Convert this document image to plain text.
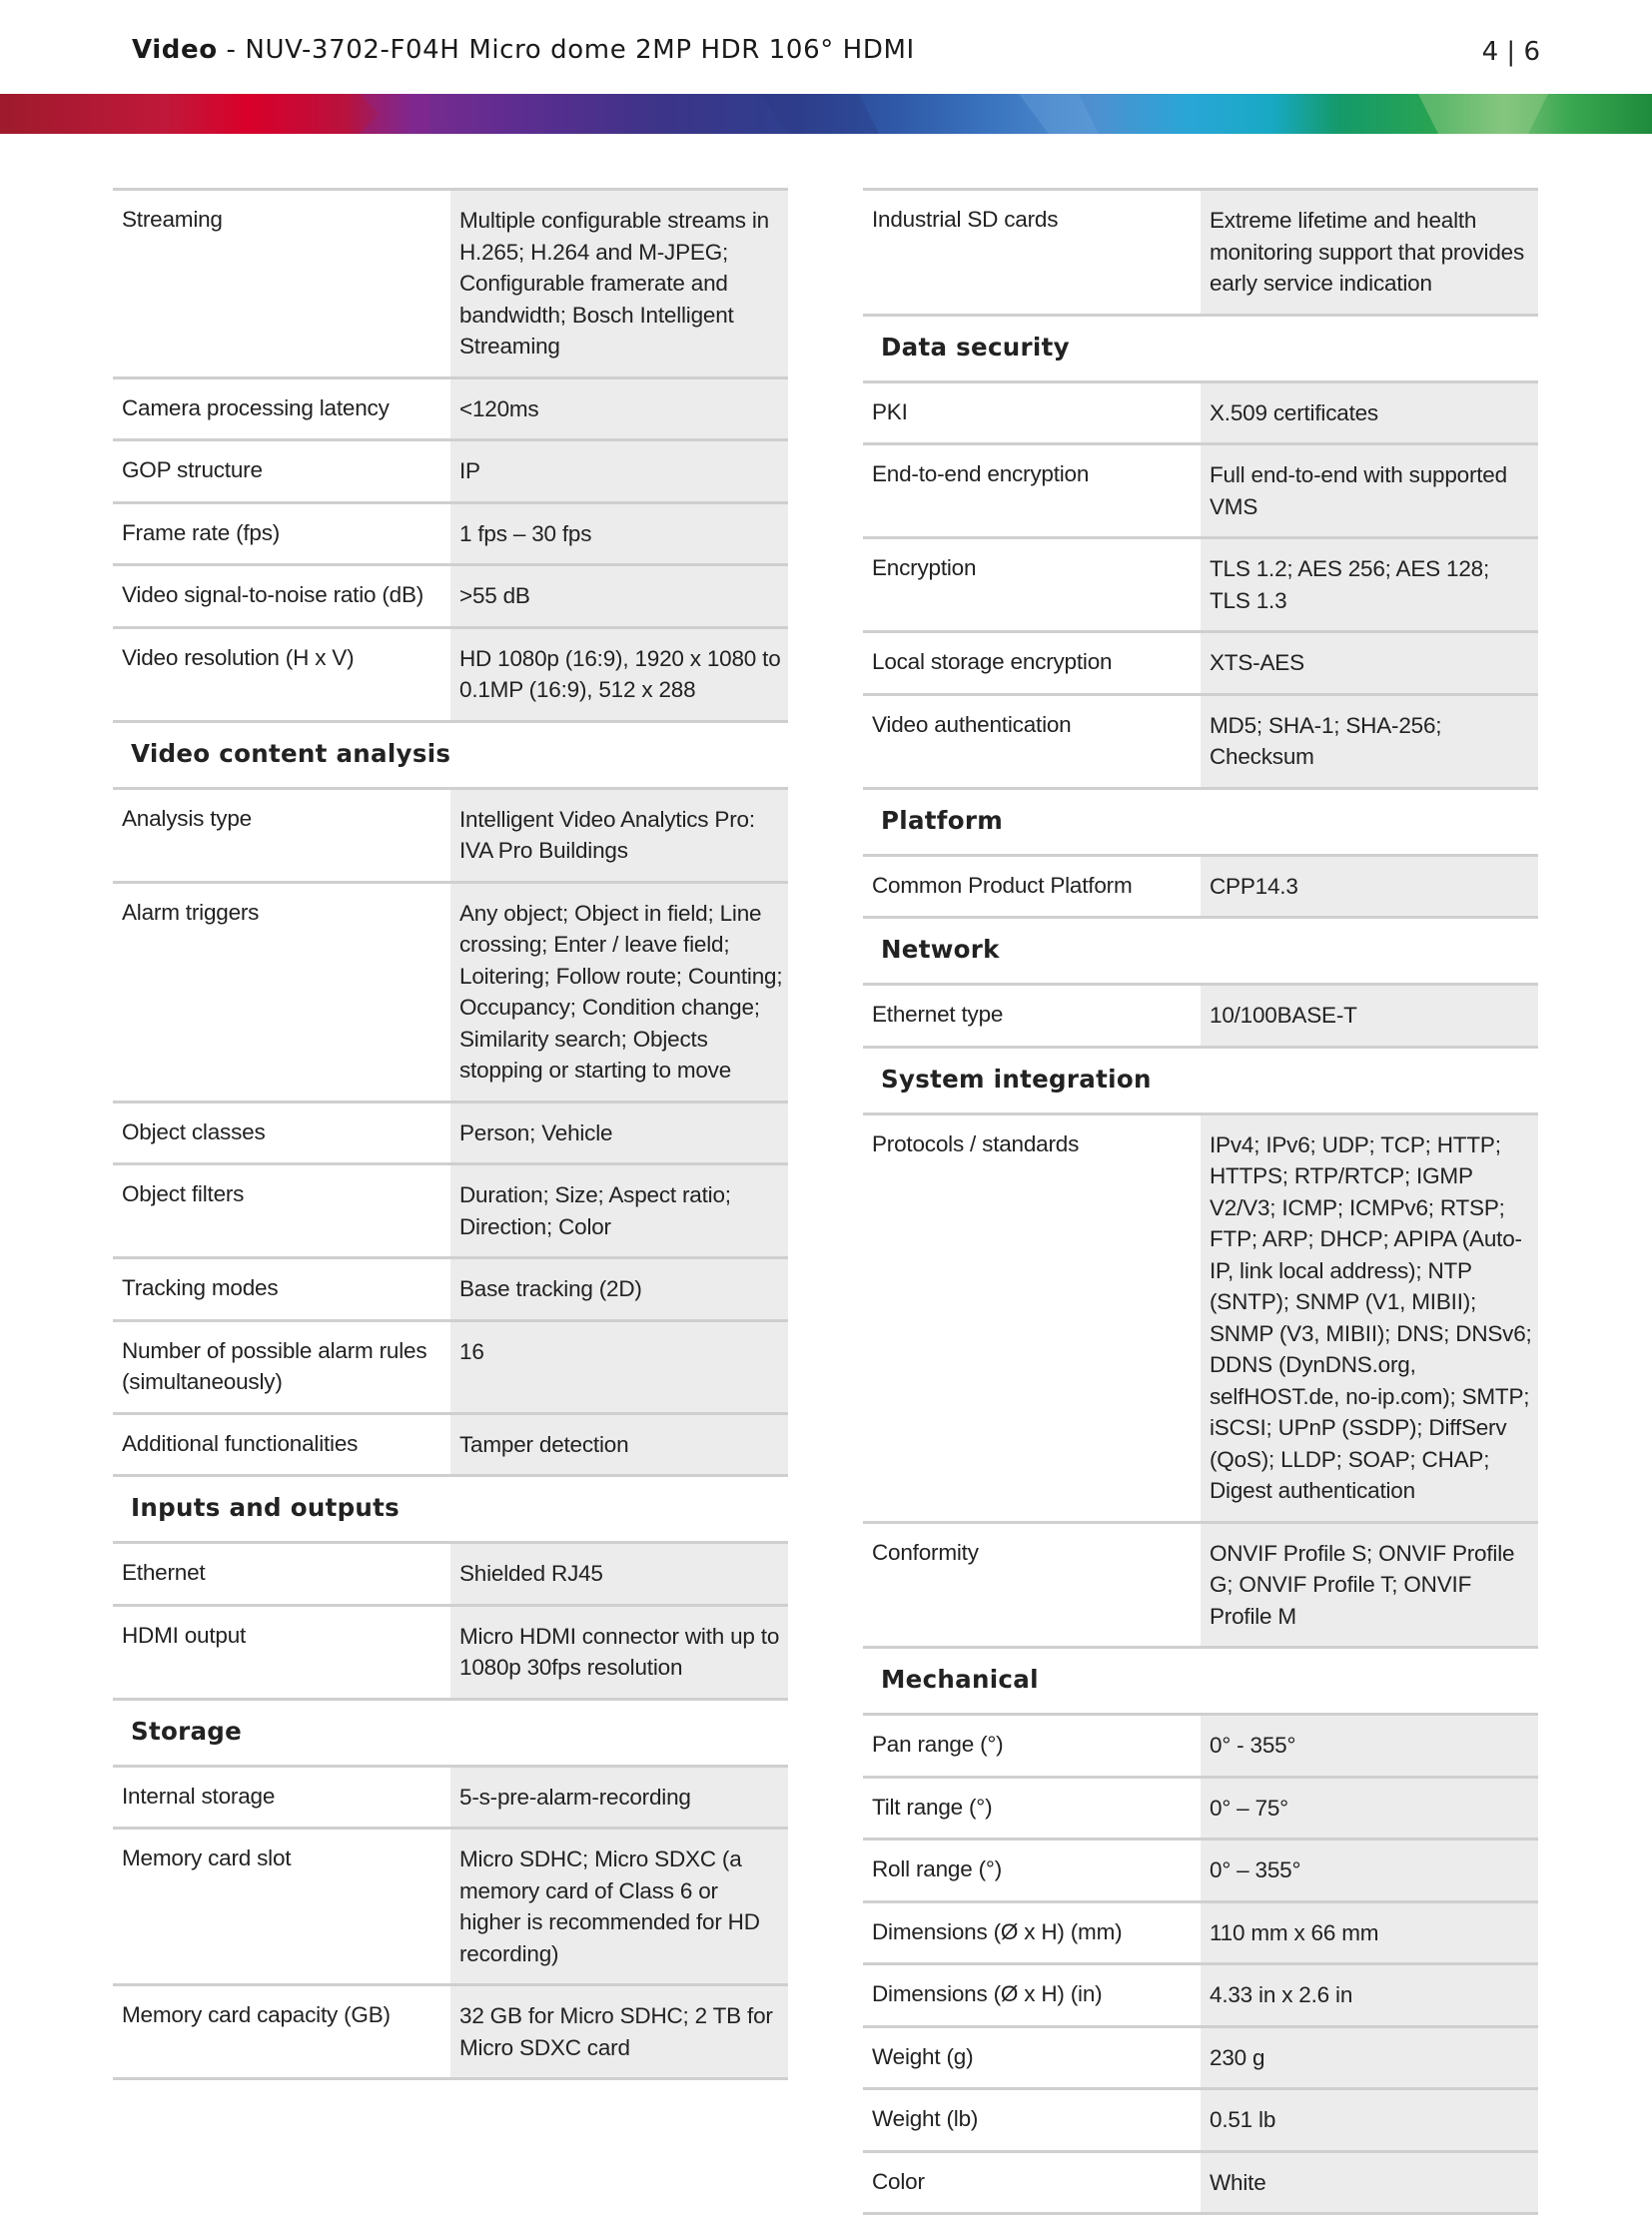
Video - NUV-3702-F04H Micro dome 2MP HDR 106° HDMI	4 | 6
Streaming	Multiple configurable streams in H.265; H.264 and M-JPEG; Configurable framerate and bandwidth; Bosch Intelligent Streaming
Camera processing latency	<120ms
GOP structure	IP
Frame rate (fps)	1 fps – 30 fps
Video signal-to-noise ratio (dB)	>55 dB
Video resolution (H x V)	HD 1080p (16:9), 1920 x 1080 to 0.1MP (16:9), 512 x 288
Video content analysis	
Analysis type	Intelligent Video Analytics Pro: IVA Pro Buildings
Alarm triggers	Any object; Object in field; Line crossing; Enter / leave field; Loitering; Follow route; Counting; Occupancy; Condition change; Similarity search; Objects stopping or starting to move
Object classes	Person; Vehicle
Object filters	Duration; Size; Aspect ratio; Direction; Color
Tracking modes	Base tracking (2D)
Number of possible alarm rules (simultaneously)	16
Additional functionalities	Tamper detection
Inputs and outputs	
Ethernet	Shielded RJ45
HDMI output	Micro HDMI connector with up to 1080p 30fps resolution
Storage	
Internal storage	5-s-pre-alarm-recording
Memory card slot	Micro SDHC; Micro SDXC (a memory card of Class 6 or higher is recommended for HD recording)
Memory card capacity (GB)	32 GB for Micro SDHC; 2 TB for Micro SDXC card
Industrial SD cards	Extreme lifetime and health monitoring support that provides early service indication
Data security	
PKI	X.509 certificates
End-to-end encryption	Full end-to-end with supported VMS
Encryption	TLS 1.2; AES 256; AES 128; TLS 1.3
Local storage encryption	XTS-AES
Video authentication	MD5; SHA-1; SHA-256; Checksum
Platform	
Common Product Platform	CPP14.3
Network	
Ethernet type	10/100BASE-T
System integration	
Protocols / standards	IPv4; IPv6; UDP; TCP; HTTP; HTTPS; RTP/RTCP; IGMP V2/V3; ICMP; ICMPv6; RTSP; FTP; ARP; DHCP; APIPA (Auto-IP, link local address); NTP (SNTP); SNMP (V1, MIBII); SNMP (V3, MIBII); DNS; DNSv6; DDNS (DynDNS.org, selfHOST.de, no-ip.com); SMTP; iSCSI; UPnP (SSDP); DiffServ (QoS); LLDP; SOAP; CHAP; Digest authentication
Conformity	ONVIF Profile S; ONVIF Profile G; ONVIF Profile T; ONVIF Profile M
Mechanical	
Pan range (°)	0° - 355°
Tilt range (°)	0° – 75°
Roll range (°)	0° – 355°
Dimensions (Ø x H) (mm)	110 mm x 66 mm
Dimensions (Ø x H) (in)	4.33 in x 2.6 in
Weight (g)	230 g
Weight (lb)	0.51 lb
Color	White
